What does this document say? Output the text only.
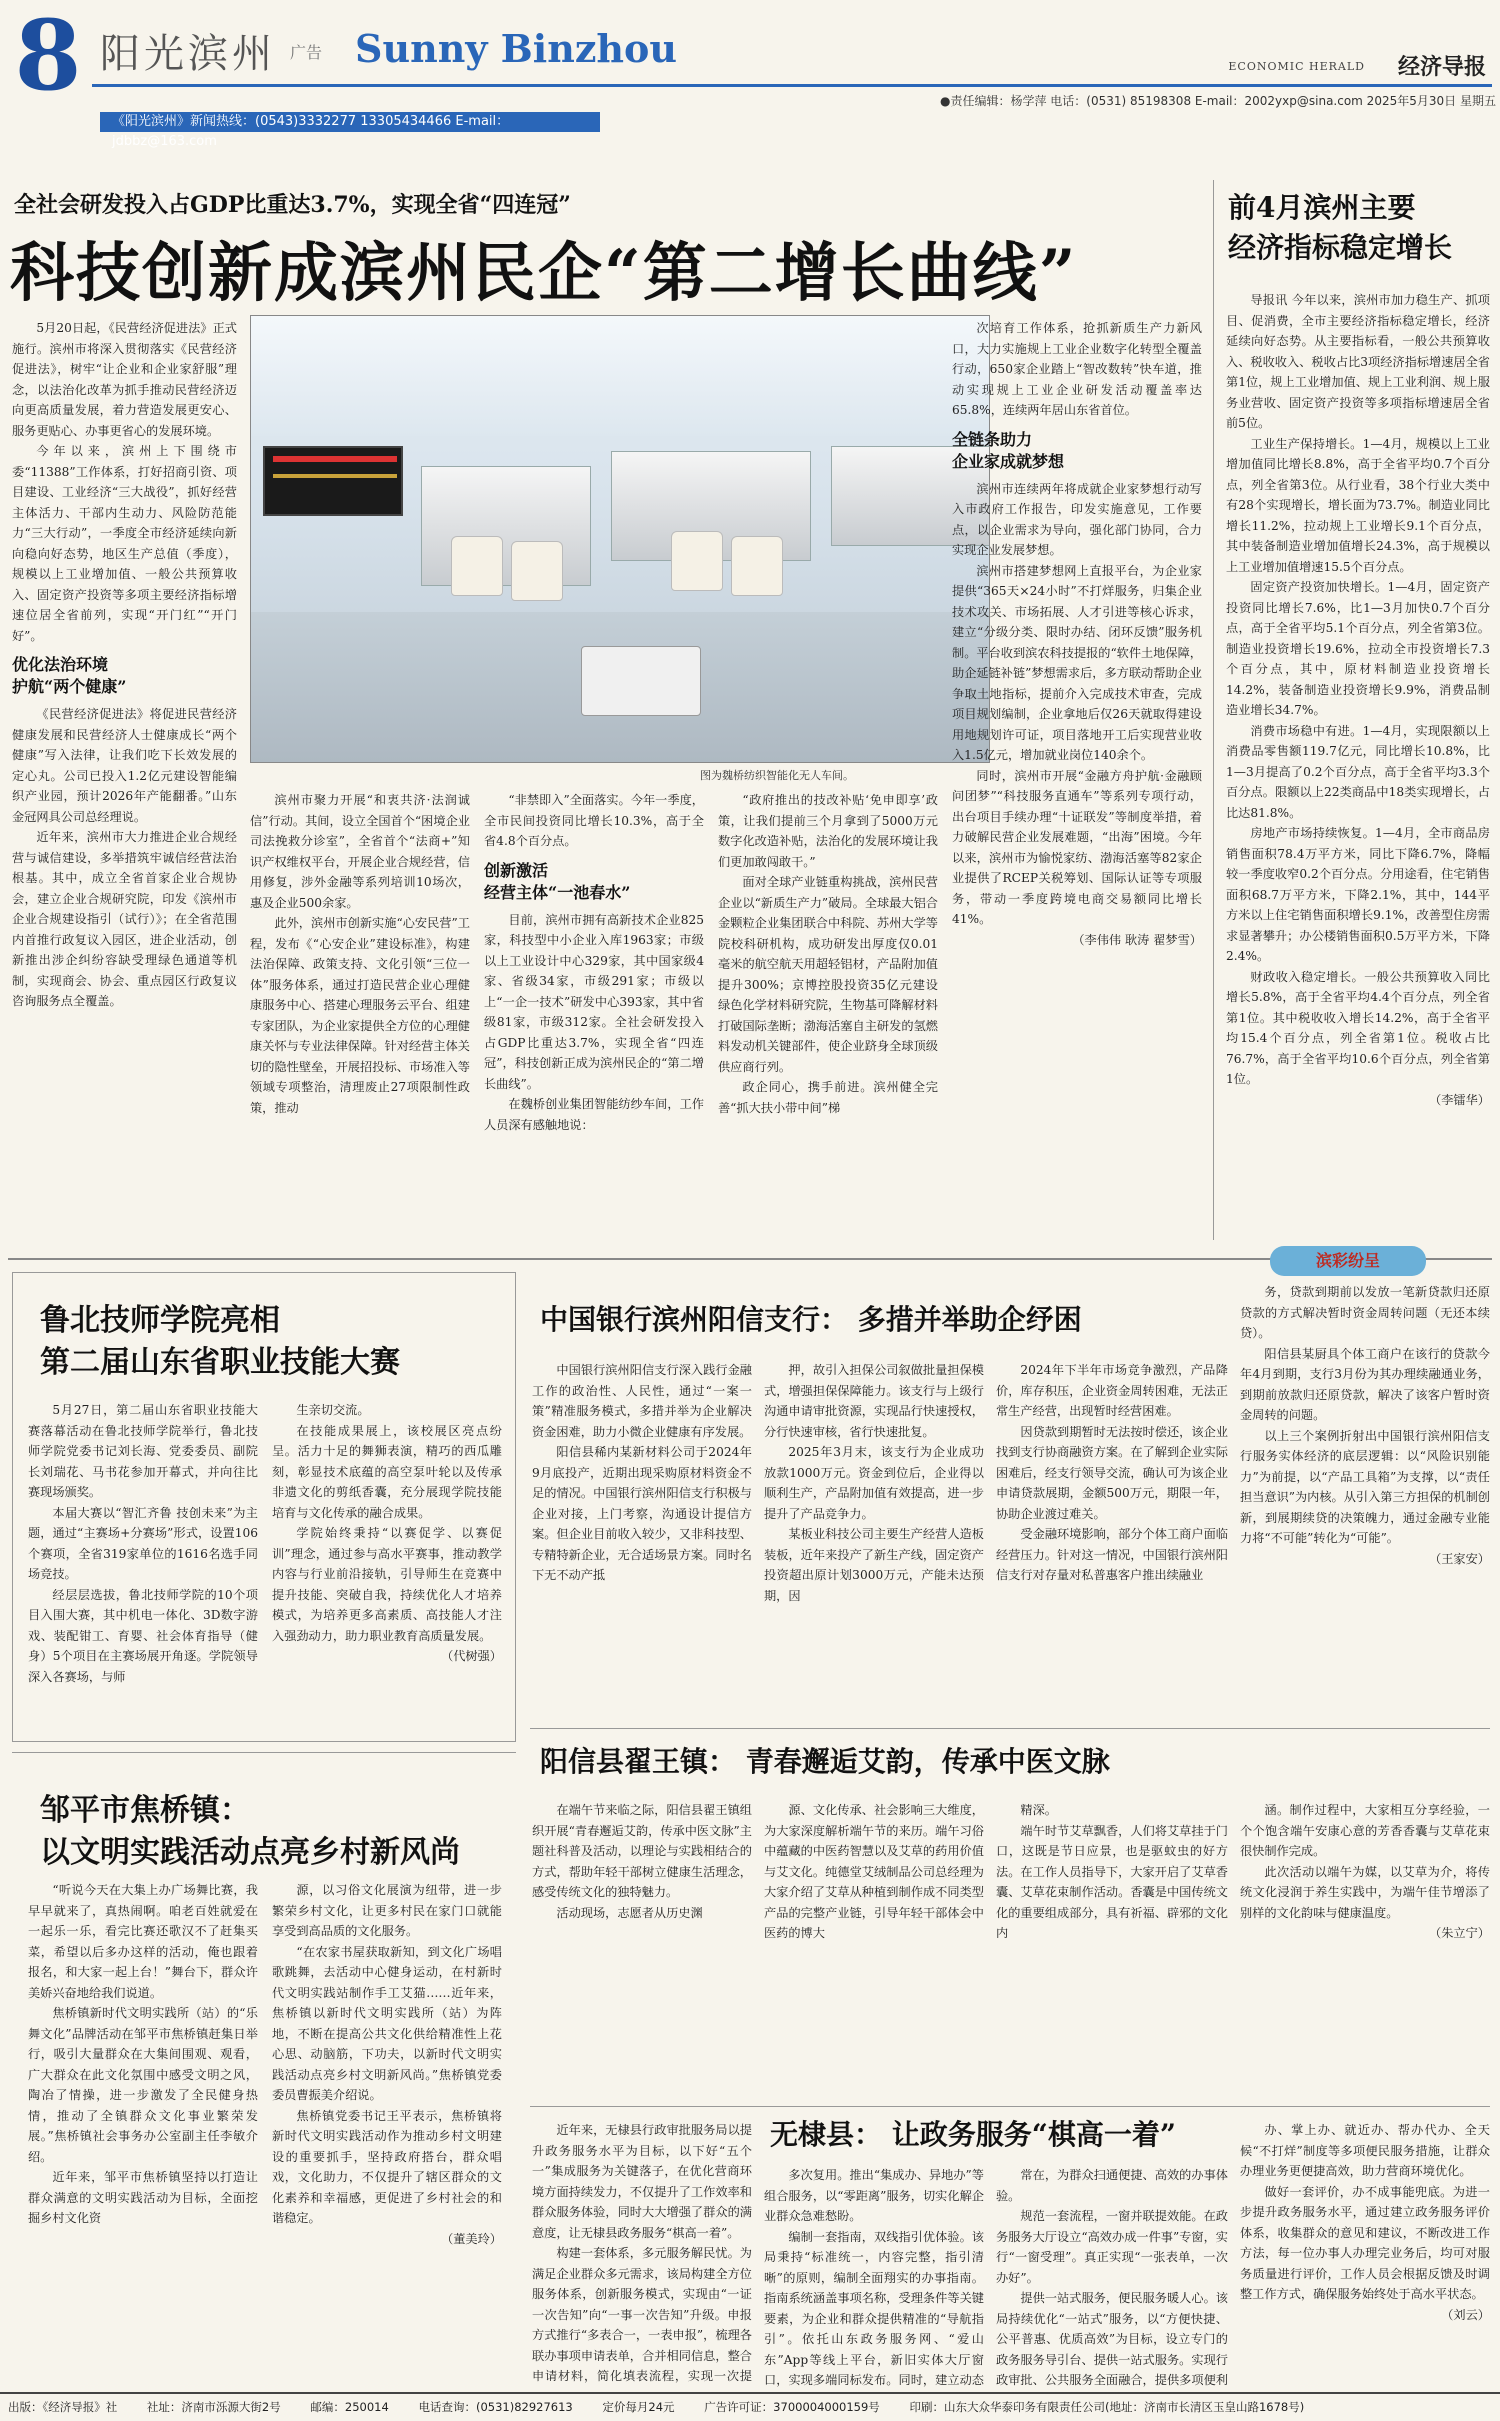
8 阳光滨州 广告 Sunny Binzhou	ECONOMIC HERALD 经济导报
●责任编辑：杨学萍 电话：(0531) 85198308 E-mail：2002yxp@sina.com 2025年5月30日 星期五
《阳光滨州》新闻热线：(0543)3332277 13305434466 E-mail：jdbbz@163.com
全社会研发投入占GDP比重达3.7%，实现全省“四连冠”
科技创新成滨州民企“第二增长曲线”

5月20日起，《民营经济促进法》正式施行。滨州市将深入贯彻落实《民营经济促进法》，树牢“让企业和企业家舒服”理念，以法治化改革为抓手推动民营经济迈向更高质量发展，着力营造发展更安心、服务更贴心、办事更省心的发展环境。

今年以来，滨州上下围绕市委“11388”工作体系，打好招商引资、项目建设、工业经济“三大战役”，抓好经营主体活力、干部内生动力、风险防范能力“三大行动”，一季度全市经济延续向新向稳向好态势，地区生产总值（季度），规模以上工业增加值、一般公共预算收入、固定资产投资等多项主要经济指标增速位居全省前列，实现“开门红”“开门好”。

优化法治环境
护航“两个健康”

《民营经济促进法》将促进民营经济健康发展和民营经济人士健康成长“两个健康”写入法律，让我们吃下长效发展的定心丸。公司已投入1.2亿元建设智能编织产业园，预计2026年产能翻番。”山东金冠网具公司总经理说。

近年来，滨州市大力推进企业合规经营与诚信建设，多举措筑牢诚信经营法治根基。其中，成立全省首家企业合规协会，建立企业合规研究院，印发《滨州市企业合规建设指引（试行）》；在全省范围内首推行政复议入园区，进企业活动，创新推出涉企纠纷容缺受理绿色通道等机制，实现商会、协会、重点园区行政复议咨询服务点全覆盖。

图为魏桥纺织智能化无人车间。

滨州市聚力开展“和衷共济·法润诚信”行动。其间，设立全国首个“困境企业司法挽救分诊室”，全省首个“法商+”知识产权维权平台，开展企业合规经营，信用修复，涉外金融等系列培训10场次，惠及企业500余家。

此外，滨州市创新实施“心安民营”工程，发布《“心安企业”建设标准》，构建法治保障、政策支持、文化引领“三位一体”服务体系，通过打造民营企业心理健康服务中心、搭建心理服务云平台、组建专家团队，为企业家提供全方位的心理健康关怀与专业法律保障。针对经营主体关切的隐性壁垒，开展招投标、市场准入等领域专项整治，清理废止27项限制性政策，推动

“非禁即入”全面落实。今年一季度，全市民间投资同比增长10.3%，高于全省4.8个百分点。

创新激活
经营主体“一池春水”

目前，滨州市拥有高新技术企业825家，科技型中小企业入库1963家；市级以上工业设计中心329家，其中国家级4家、省级34家，市级291家；市级以上“一企一技术”研发中心393家，其中省级81家，市级312家。全社会研发投入占GDP比重达3.7%，实现全省“四连冠”，科技创新正成为滨州民企的“第二增长曲线”。

在魏桥创业集团智能纺纱车间，工作人员深有感触地说：

“政府推出的技改补贴‘免申即享’政策，让我们提前三个月拿到了5000万元数字化改造补贴，法治化的发展环境让我们更加敢闯敢干。”

面对全球产业链重构挑战，滨州民营企业以“新质生产力”破局。全球最大铝合金颗粒企业集团联合中科院、苏州大学等院校科研机构，成功研发出厚度仅0.01毫米的航空航天用超轻铝材，产品附加值提升300%；京博控股投资35亿元建设绿色化学材料研究院，生物基可降解材料打破国际垄断；渤海活塞自主研发的氢燃料发动机关键部件，使企业跻身全球顶级供应商行列。

政企同心，携手前进。滨州健全完善“抓大扶小带中间”梯

次培育工作体系，抢抓新质生产力新风口，大力实施规上工业企业数字化转型全覆盖行动，650家企业踏上“智改数转”快车道，推动实现规上工业企业研发活动覆盖率达65.8%，连续两年居山东省首位。

全链条助力
企业家成就梦想

滨州市连续两年将成就企业家梦想行动写入市政府工作报告，印发实施意见，工作要点，以企业需求为导向，强化部门协同，合力实现企业发展梦想。

滨州市搭建梦想网上直报平台，为企业家提供“365天×24小时”不打烊服务，归集企业技术攻关、市场拓展、人才引进等核心诉求，建立“分级分类、限时办结、闭环反馈”服务机制。平台收到滨农科技提报的“软件土地保障，助企延链补链”梦想需求后，多方联动帮助企业争取土地指标，提前介入完成技术审查，完成项目规划编制，企业拿地后仅26天就取得建设用地规划许可证，项目落地开工后实现营业收入1.5亿元，增加就业岗位140余个。

同时，滨州市开展“金融方舟护航·金融顾问团梦”“科技服务直通车”等系列专项行动，出台项目手续办理“十证联发”等制度举措，着力破解民营企业发展难题，“出海”困境。今年以来，滨州市为愉悦家纺、渤海活塞等82家企业提供了RCEP关税筹划、国际认证等专项服务，带动一季度跨境电商交易额同比增长41%。

（李伟伟 耿涛 翟梦雪）
前4月滨州主要
经济指标稳定增长

导报讯 今年以来，滨州市加力稳生产、抓项目、促消费，全市主要经济指标稳定增长，经济延续向好态势。从主要指标看，一般公共预算收入、税收收入、税收占比3项经济指标增速居全省第1位，规上工业增加值、规上工业利润、规上服务业营收、固定资产投资等多项指标增速居全省前5位。

工业生产保持增长。1—4月，规模以上工业增加值同比增长8.8%，高于全省平均0.7个百分点，列全省第3位。从行业看，38个行业大类中有28个实现增长，增长面为73.7%。制造业同比增长11.2%，拉动规上工业增长9.1个百分点，其中装备制造业增加值增长24.3%，高于规模以上工业增加值增速15.5个百分点。

固定资产投资加快增长。1—4月，固定资产投资同比增长7.6%，比1—3月加快0.7个百分点，高于全省平均5.1个百分点，列全省第3位。制造业投资增长19.6%，拉动全市投资增长7.3个百分点，其中，原材料制造业投资增长14.2%，装备制造业投资增长9.9%，消费品制造业增长34.7%。

消费市场稳中有进。1—4月，实现限额以上消费品零售额119.7亿元，同比增长10.8%，比1—3月提高了0.2个百分点，高于全省平均3.3个百分点。限额以上22类商品中18类实现增长，占比达81.8%。

房地产市场持续恢复。1—4月，全市商品房销售面积78.4万平方米，同比下降6.7%，降幅较一季度收窄0.2个百分点。分用途看，住宅销售面积68.7万平方米，下降2.1%，其中，144平方米以上住宅销售面积增长9.1%，改善型住房需求显著攀升；办公楼销售面积0.5万平方米，下降2.4%。

财政收入稳定增长。一般公共预算收入同比增长5.8%，高于全省平均4.4个百分点，列全省第1位。其中税收收入增长14.2%，高于全省平均15.4个百分点，列全省第1位。税收占比76.7%，高于全省平均10.6个百分点，列全省第1位。

（李镭华）
滨彩纷呈
鲁北技师学院亮相
第二届山东省职业技能大赛

5月27日，第二届山东省职业技能大赛落幕活动在鲁北技师学院举行，鲁北技师学院党委书记刘长海、党委委员、副院长刘瑞花、马书花参加开幕式，并向往比赛现场颁奖。

本届大赛以“智汇齐鲁 技创未来”为主题，通过“主赛场+分赛场”形式，设置106个赛项，全省319家单位的1616名选手同场竞技。

经层层选拔，鲁北技师学院的10个项目入围大赛，其中机电一体化、3D数字游戏、装配钳工、育婴、社会体育指导（健身）5个项目在主赛场展开角逐。学院领导深入各赛场，与师

生亲切交流。

在技能成果展上，该校展区亮点纷呈。活力十足的舞狮表演，精巧的西瓜雕刻，彰显技术底蕴的高空泵叶轮以及传承非遗文化的剪纸香囊，充分展现学院技能培育与文化传承的融合成果。

学院始终秉持“以赛促学、以赛促训”理念，通过参与高水平赛事，推动教学内容与行业前沿接轨，引导师生在竞赛中提升技能、突破自我，持续优化人才培养模式，为培养更多高素质、高技能人才注入强劲动力，助力职业教育高质量发展。

（代树强）
中国银行滨州阳信支行： 多措并举助企纾困

中国银行滨州阳信支行深入践行金融工作的政治性、人民性，通过“一案一策”精准服务模式，多措并举为企业解决资金困难，助力小微企业健康有序发展。

阳信县稀内某新材料公司于2024年9月底投产，近期出现采购原材料资金不足的情况。中国银行滨州阳信支行积极与企业对接，上门考察，沟通设计提信方案。但企业目前收入较少，又非科技型、专精特新企业，无合适场景方案。同时名下无不动产抵

押，故引入担保公司叙做批量担保模式，增强担保保障能力。该支行与上级行沟通申请审批资源，实现品行快速授权，分行快速审核，省行快速批复。

2025年3月末，该支行为企业成功放款1000万元。资金到位后，企业得以顺利生产，产品附加值有效提高，进一步提升了产品竞争力。

某板业科技公司主要生产经营人造板装板，近年来投产了新生产线，固定资产投资超出原计划3000万元，产能未达预期，因

2024年下半年市场竞争激烈，产品降价，库存积压，企业资金周转困难，无法正常生产经营，出现暂时经营困难。

因贷款到期暂时无法按时偿还，该企业找到支行协商融资方案。在了解到企业实际困难后，经支行领导交流，确认可为该企业申请贷款展期，金额500万元，期限一年，协助企业渡过难关。

受金融环境影响，部分个体工商户面临经营压力。针对这一情况，中国银行滨州阳信支行对存量对私普惠客户推出续融业

务，贷款到期前以发放一笔新贷款归还原贷款的方式解决暂时资金周转问题（无还本续贷）。

阳信县某厨具个体工商户在该行的贷款今年4月到期，支行3月份为其办理续融通业务，到期前放款归还原贷款，解决了该客户暂时资金周转的问题。

以上三个案例折射出中国银行滨州阳信支行服务实体经济的底层逻辑：以“风险识别能力”为前提，以“产品工具箱”为支撑，以“责任担当意识”为内核。从引入第三方担保的机制创新，到展期续贷的决策魄力，通过金融专业能力将“不可能”转化为“可能”。

（王家安）
阳信县翟王镇： 青春邂逅艾韵，传承中医文脉

在端午节来临之际，阳信县翟王镇组织开展“青春邂逅艾韵，传承中医文脉”主题社科普及活动，以理论与实践相结合的方式，帮助年轻干部树立健康生活理念，感受传统文化的独特魅力。

活动现场，志愿者从历史渊

源、文化传承、社会影响三大维度，为大家深度解析端午节的来历。端午习俗中蕴藏的中医药智慧以及艾草的药用价值与艾文化。纯德堂艾绒制品公司总经理为大家介绍了艾草从种植到制作成不同类型产品的完整产业链，引导年轻干部体会中医药的博大

精深。

端午时节艾草飘香，人们将艾草挂于门口，这既是节日应景，也是驱蚊虫的好方法。在工作人员指导下，大家开启了艾草香囊、艾草花束制作活动。香囊是中国传统文化的重要组成部分，具有祈福、辟邪的文化内

涵。制作过程中，大家相互分享经验，一个个饱含端午安康心意的芳香香囊与艾草花束很快制作完成。

此次活动以端午为媒，以艾草为介，将传统文化浸润于养生实践中，为端午佳节增添了别样的文化韵味与健康温度。

（朱立宁）
邹平市焦桥镇：
以文明实践活动点亮乡村新风尚

“听说今天在大集上办广场舞比赛，我早早就来了，真热闹啊。咱老百姓就爱在一起乐一乐，看完比赛还歌汉不了赶集买菜，希望以后多办这样的活动，俺也跟着报名，和大家一起上台！”舞台下，群众许美娇兴奋地给我们说道。

焦桥镇新时代文明实践所（站）的“乐舞文化”品牌活动在邹平市焦桥镇赶集日举行，吸引大量群众在大集间围观、观看，广大群众在此文化氛围中感受文明之风，陶冶了情操，进一步激发了全民健身热情，推动了全镇群众文化事业繁荣发展。”焦桥镇社会事务办公室副主任李敏介绍。

近年来，邹平市焦桥镇坚持以打造让群众满意的文明实践活动为目标，全面挖掘乡村文化资

源，以习俗文化展演为纽带，进一步繁荣乡村文化，让更多村民在家门口就能享受到高品质的文化服务。

“在农家书屋获取新知，到文化广场唱歌跳舞，去活动中心健身运动，在村新时代文明实践站制作手工艾猫……近年来，焦桥镇以新时代文明实践所（站）为阵地，不断在提高公共文化供给精准性上花心思、动脑筋，下功夫，以新时代文明实践活动点亮乡村文明新风尚。”焦桥镇党委委员曹振美介绍说。

焦桥镇党委书记王平表示，焦桥镇将新时代文明实践活动作为推动乡村文明建设的重要抓手，坚持政府搭台，群众唱戏，文化助力，不仅提升了辖区群众的文化素养和幸福感，更促进了乡村社会的和谐稳定。

（董美玲）
无棣县： 让政务服务“棋高一着”

近年来，无棣县行政审批服务局以提升政务服务水平为目标，以下好“五个一”集成服务为关键落子，在优化营商环境方面持续发力，不仅提升了工作效率和群众服务体验，同时大大增强了群众的满意度，让无棣县政务服务“棋高一着”。

构建一套体系，多元服务解民忧。为满足企业群众多元需求，该局构建全方位服务体系，创新服务模式，实现由“一证一次告知”向“一事一次告知”升级。申报方式推行“多表合一，一表申报”，梳理各联办事项申请表单，合并相同信息，整合申请材料，简化填表流程，实现一次提

多次复用。推出“集成办、异地办”等组合服务，以“零距离”服务，切实化解企业群众急难愁盼。

编制一套指南，双线指引优体验。该局秉持“标准统一，内容完整，指引清晰”的原则，编制全面翔实的办事指南。指南系统涵盖事项名称，受理条件等关键要素，为企业和群众提供精准的“导航指引”。依托山东政务服务网、“爱山东”App等线上平台，新旧实体大厅窗口，实现多端同标发布。同时，建立动态

常在，为群众扫通便捷、高效的办事体验。

规范一套流程，一窗并联提效能。在政务服务大厅设立“高效办成一件事”专窗，实行“一窗受理”。真正实现“一张表单，一次办好”。

提供一站式服务，便民服务暖人心。该局持续优化“一站式”服务，以“方便快捷、公平普惠、优质高效”为目标，设立专门的政务服务导引台、提供一站式服务。实现行政审批、公共服务全面融合，提供多项便利

办、掌上办、就近办、帮办代办、全天候“不打烊”制度等多项便民服务措施，让群众办理业务更便捷高效，助力营商环境优化。

做好一套评价，办不成事能兜底。为进一步提升政务服务水平，通过建立政务服务评价体系，收集群众的意见和建议，不断改进工作方法，每一位办事人办理完业务后，均可对服务质量进行评价，工作人员会根据反馈及时调整工作方式，确保服务始终处于高水平状态。

（刘云）
出版：《经济导报》社	社址：济南市泺源大街2号	邮编：250014	电话查询：(0531)82927613	定价每月24元	广告许可证：3700004000159号	印刷：山东大众华泰印务有限责任公司(地址：济南市长清区玉皇山路1678号)
